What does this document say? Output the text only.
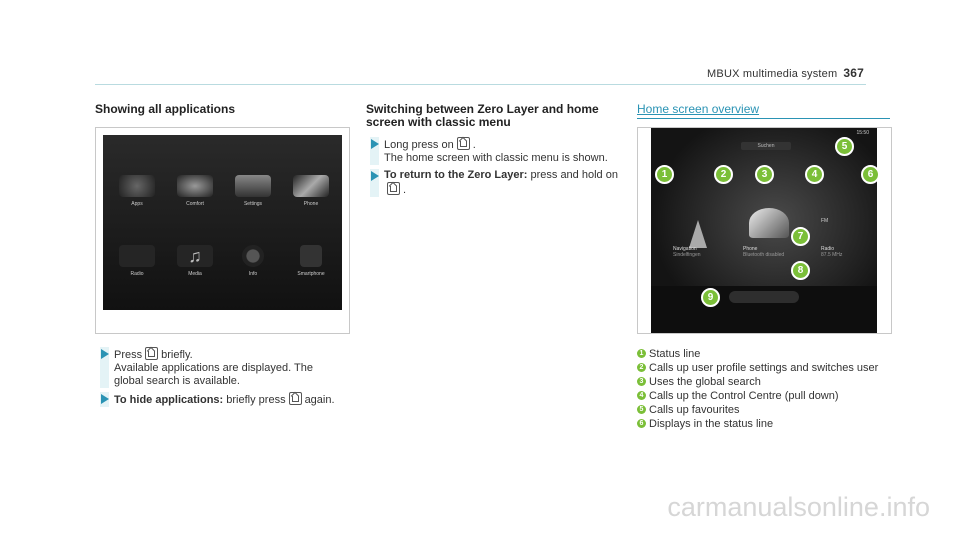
MBUX multimedia system 367
Showing all applications
Apps	Comfort	Settings	Phone
Radio
♫
Media	Info	Smartphone
Press briefly.
Available applications are displayed. The global search is available.
To hide applications: briefly press again.
Switching between Zero Layer and home screen with classic menu
Long press on .
The home screen with classic menu is shown.
To return to the Zero Layer: press and hold on
.
Home screen overview
Suchen
15:50
Navigation
Sindelfingen
Phone
Bluetooth disabled
FM
Radio
87.5 MHz
1	2	3	4
5
6
7
8
9
1 Status line
2 Calls up user profile settings and switches user
3 Uses the global search
4 Calls up the Control Centre (pull down)
5 Calls up favourites
6 Displays in the status line
carmanualsonline.info
